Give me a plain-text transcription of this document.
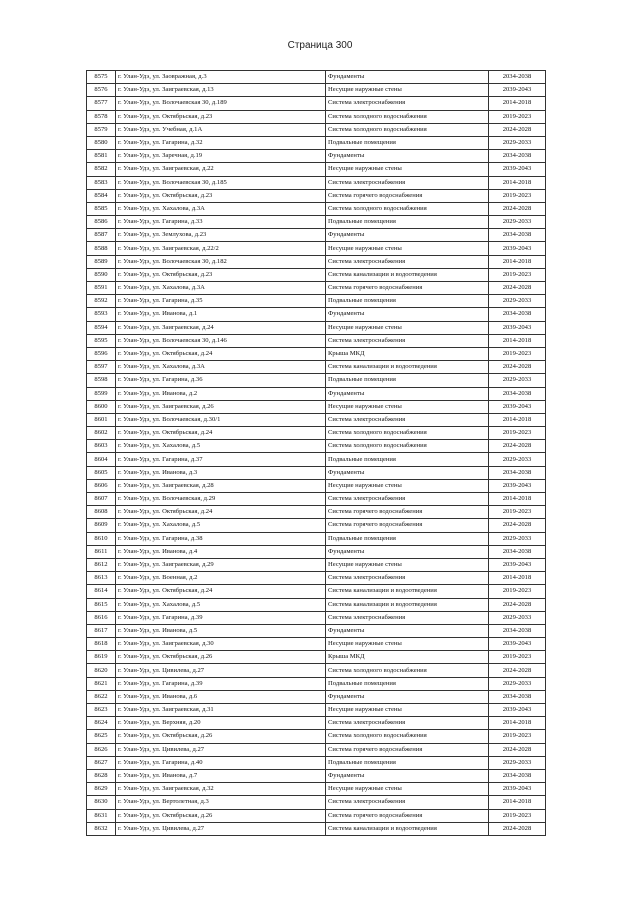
Страница 300
8575	г. Улан-Удэ, ул. Заовражная, д.3	Фундаменты	2034-2038
8576	г. Улан-Удэ, ул. Заиграевская, д.13	Несущие наружные стены	2039-2043
8577	г. Улан-Удэ, ул. Волочаевская 30, д.189	Система электроснабжения	2014-2018
8578	г. Улан-Удэ, ул. Октябрьская, д.23	Система холодного водоснабжения	2019-2023
8579	г. Улан-Удэ, ул. Учебная, д.1А	Система холодного водоснабжения	2024-2028
8580	г. Улан-Удэ, ул. Гагарина, д.32	Подвальные помещения	2029-2033
8581	г. Улан-Удэ, ул. Заречная, д.19	Фундаменты	2034-2038
8582	г. Улан-Удэ, ул. Заиграевская, д.22	Несущие наружные стены	2039-2043
8583	г. Улан-Удэ, ул. Волочаевская 30, д.185	Система электроснабжения	2014-2018
8584	г. Улан-Удэ, ул. Октябрьская, д.23	Система горячего водоснабжения	2019-2023
8585	г. Улан-Удэ, ул. Хахалова, д.3А	Система холодного водоснабжения	2024-2028
8586	г. Улан-Удэ, ул. Гагарина, д.33	Подвальные помещения	2029-2033
8587	г. Улан-Удэ, ул. Землухова, д.23	Фундаменты	2034-2038
8588	г. Улан-Удэ, ул. Заиграевская, д.22/2	Несущие наружные стены	2039-2043
8589	г. Улан-Удэ, ул. Волочаевская 30, д.182	Система электроснабжения	2014-2018
8590	г. Улан-Удэ, ул. Октябрьская, д.23	Система канализации и водоотведения	2019-2023
8591	г. Улан-Удэ, ул. Хахалова, д.3А	Система горячего водоснабжения	2024-2028
8592	г. Улан-Удэ, ул. Гагарина, д.35	Подвальные помещения	2029-2033
8593	г. Улан-Удэ, ул. Иванова, д.1	Фундаменты	2034-2038
8594	г. Улан-Удэ, ул. Заиграевская, д.24	Несущие наружные стены	2039-2043
8595	г. Улан-Удэ, ул. Волочаевская 30, д.146	Система электроснабжения	2014-2018
8596	г. Улан-Удэ, ул. Октябрьская, д.24	Крыша МКД	2019-2023
8597	г. Улан-Удэ, ул. Хахалова, д.3А	Система канализации и водоотведения	2024-2028
8598	г. Улан-Удэ, ул. Гагарина, д.36	Подвальные помещения	2029-2033
8599	г. Улан-Удэ, ул. Иванова, д.2	Фундаменты	2034-2038
8600	г. Улан-Удэ, ул. Заиграевская, д.26	Несущие наружные стены	2039-2043
8601	г. Улан-Удэ, ул. Волочаевская, д.30/1	Система электроснабжения	2014-2018
8602	г. Улан-Удэ, ул. Октябрьская, д.24	Система холодного водоснабжения	2019-2023
8603	г. Улан-Удэ, ул. Хахалова, д.5	Система холодного водоснабжения	2024-2028
8604	г. Улан-Удэ, ул. Гагарина, д.37	Подвальные помещения	2029-2033
8605	г. Улан-Удэ, ул. Иванова, д.3	Фундаменты	2034-2038
8606	г. Улан-Удэ, ул. Заиграевская, д.28	Несущие наружные стены	2039-2043
8607	г. Улан-Удэ, ул. Волочаевская, д.29	Система электроснабжения	2014-2018
8608	г. Улан-Удэ, ул. Октябрьская, д.24	Система горячего водоснабжения	2019-2023
8609	г. Улан-Удэ, ул. Хахалова, д.5	Система горячего водоснабжения	2024-2028
8610	г. Улан-Удэ, ул. Гагарина, д.38	Подвальные помещения	2029-2033
8611	г. Улан-Удэ, ул. Иванова, д.4	Фундаменты	2034-2038
8612	г. Улан-Удэ, ул. Заиграевская, д.29	Несущие наружные стены	2039-2043
8613	г. Улан-Удэ, ул. Военная, д.2	Система электроснабжения	2014-2018
8614	г. Улан-Удэ, ул. Октябрьская, д.24	Система канализации и водоотведения	2019-2023
8615	г. Улан-Удэ, ул. Хахалова, д.5	Система канализации и водоотведения	2024-2028
8616	г. Улан-Удэ, ул. Гагарина, д.39	Система электроснабжения	2029-2033
8617	г. Улан-Удэ, ул. Иванова, д.5	Фундаменты	2034-2038
8618	г. Улан-Удэ, ул. Заиграевская, д.30	Несущие наружные стены	2039-2043
8619	г. Улан-Удэ, ул. Октябрьская, д.26	Крыша МКД	2019-2023
8620	г. Улан-Удэ, ул. Цивилева, д.27	Система холодного водоснабжения	2024-2028
8621	г. Улан-Удэ, ул. Гагарина, д.39	Подвальные помещения	2029-2033
8622	г. Улан-Удэ, ул. Иванова, д.6	Фундаменты	2034-2038
8623	г. Улан-Удэ, ул. Заиграевская, д.31	Несущие наружные стены	2039-2043
8624	г. Улан-Удэ, ул. Верхняя, д.20	Система электроснабжения	2014-2018
8625	г. Улан-Удэ, ул. Октябрьская, д.26	Система холодного водоснабжения	2019-2023
8626	г. Улан-Удэ, ул. Цивилева, д.27	Система горячего водоснабжения	2024-2028
8627	г. Улан-Удэ, ул. Гагарина, д.40	Подвальные помещения	2029-2033
8628	г. Улан-Удэ, ул. Иванова, д.7	Фундаменты	2034-2038
8629	г. Улан-Удэ, ул. Заиграевская, д.32	Несущие наружные стены	2039-2043
8630	г. Улан-Удэ, ул. Вертолетная, д.3	Система электроснабжения	2014-2018
8631	г. Улан-Удэ, ул. Октябрьская, д.26	Система горячего водоснабжения	2019-2023
8632	г. Улан-Удэ, ул. Цивилева, д.27	Система канализации и водоотведения	2024-2028
